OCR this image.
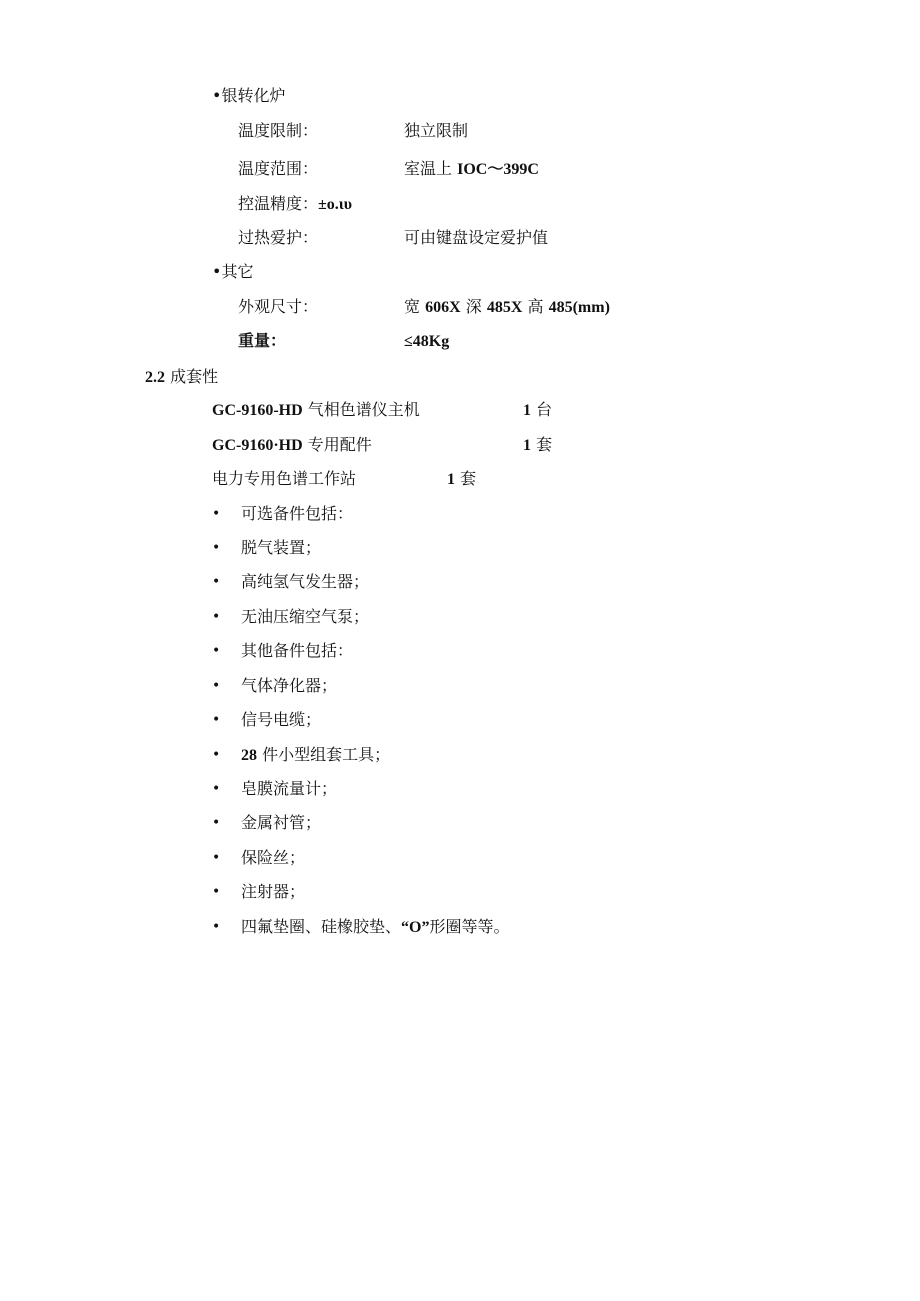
•银转化炉
温度限制：	独立限制
温度范围：	室温上 IOC〜399C
控温精度：±o.ιυ
过热爱护：	可由键盘设定爱护值
•其它
外观尺寸：	宽 606X 深 485X 高 485(mm)
重量：	≤48Kg
2.2 成套性
GC-9160-HD 气相色谱仪主机	1 台
GC-9160·HD 专用配件	1 套
电力专用色谱工作站	1 套
• 可选备件包括：
• 脱气装置；
• 高纯氢气发生器；
• 无油压缩空气泵；
• 其他备件包括：
• 气体净化器；
• 信号电缆；
• 28 件小型组套工具；
• 皂膜流量计；
• 金属衬管；
• 保险丝；
• 注射器；
• 四氟垫圈、硅橡胶垫、“O”形圈等等。
